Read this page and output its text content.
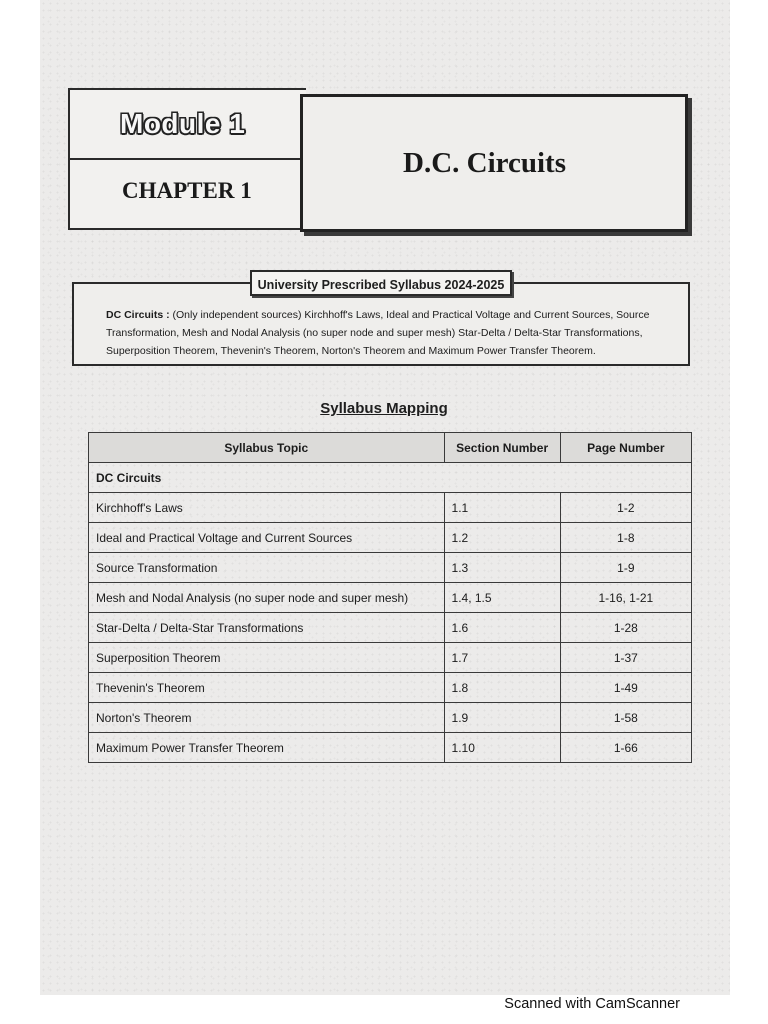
Module 1
CHAPTER 1
D.C. Circuits
DC Circuits : (Only independent sources) Kirchhoff's Laws, Ideal and Practical Voltage and Current Sources, Source Transformation, Mesh and Nodal Analysis (no super node and super mesh) Star-Delta / Delta-Star Transformations, Superposition Theorem, Thevenin's Theorem, Norton's Theorem and Maximum Power Transfer Theorem.
University Prescribed Syllabus 2024-2025
Syllabus Mapping
Syllabus Topic	Section Number	Page Number
DC Circuits		
Kirchhoff's Laws	1.1	1-2
Ideal and Practical Voltage and Current Sources	1.2	1-8
Source Transformation	1.3	1-9
Mesh and Nodal Analysis (no super node and super mesh)	1.4, 1.5	1-16, 1-21
Star-Delta / Delta-Star Transformations	1.6	1-28
Superposition Theorem	1.7	1-37
Thevenin's Theorem	1.8	1-49
Norton's Theorem	1.9	1-58
Maximum Power Transfer Theorem	1.10	1-66
Scanned with CamScanner
